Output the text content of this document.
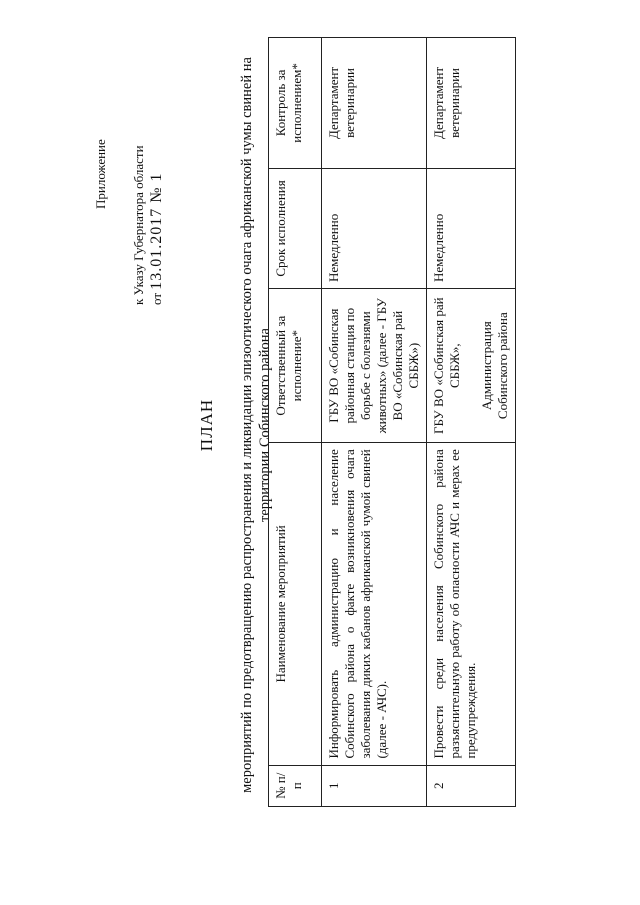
Приложение к Указу Губернатора области от 13.01.2017 № 1
ПЛАН мероприятий по предотвращению распространения и ликвидации эпизоотического очага африканской чумы свиней на территории Собинского района
№ п/п	Наименование мероприятий	Ответственный за исполнение*	Срок исполнения	Контроль за исполнением*
1	Информировать администрацию и население Собинского района о факте возникновения очага заболевания диких кабанов африканской чумой свиней (далее - АЧС).	ГБУ ВО «Собинская районная станция по борьбе с болезнями животных» (далее - ГБУ ВО «Собинская рай СББЖ»)	Немедленно	Департамент ветеринарии
2	Провести среди населения Собинского района разъяснительную работу об опасности АЧС и мерах ее предупреждения.	ГБУ ВО «Собинская рай СББЖ», Администрация Собинского района	Немедленно	Департамент ветеринарии
